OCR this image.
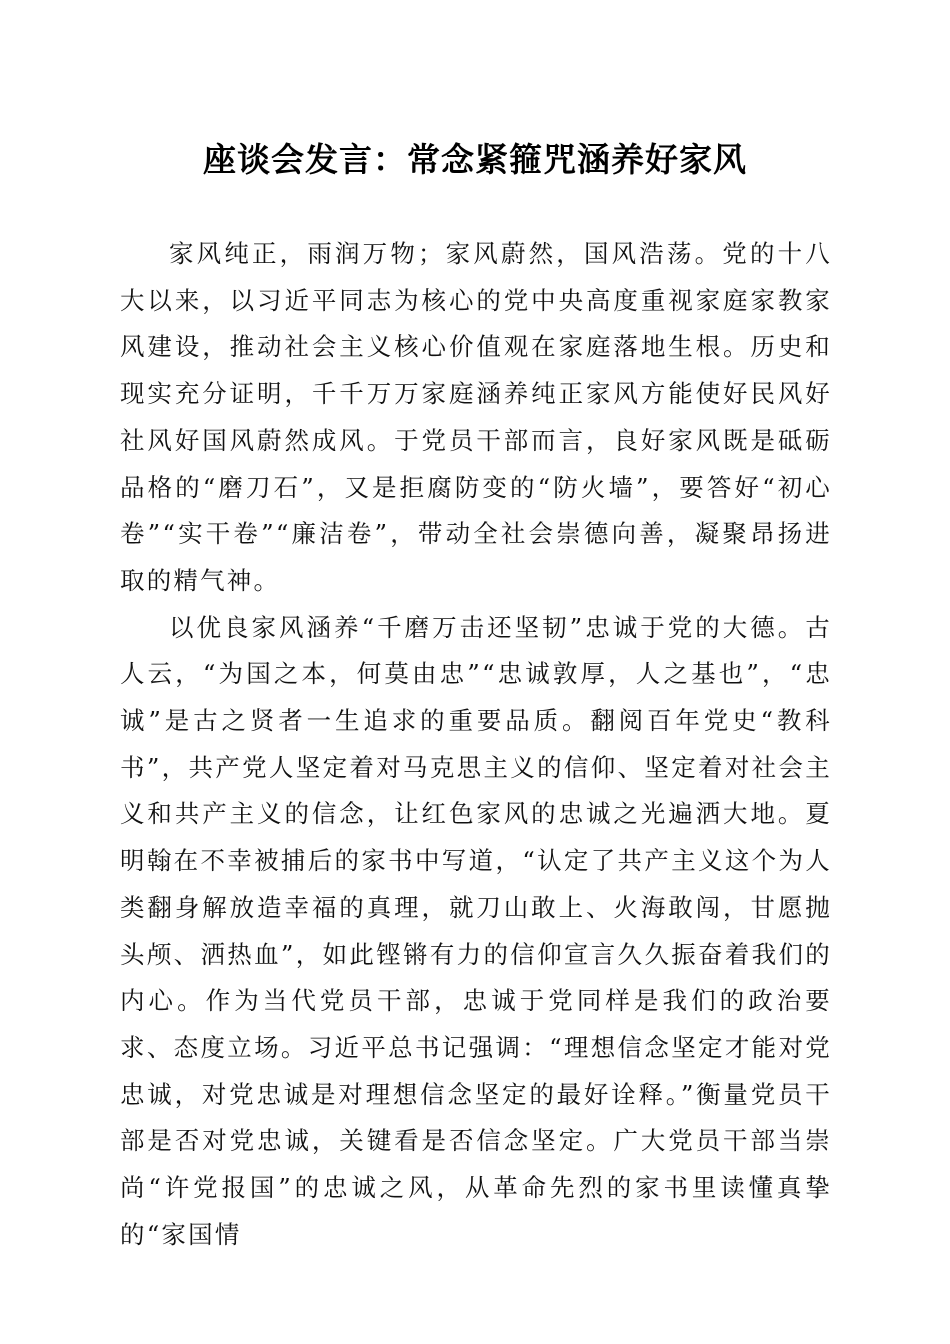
座谈会发言：常念紧箍咒涵养好家风

家风纯正，雨润万物；家风蔚然，国风浩荡。党的十八大以来，以习近平同志为核心的党中央高度重视家庭家教家风建设，推动社会主义核心价值观在家庭落地生根。历史和现实充分证明，千千万万家庭涵养纯正家风方能使好民风好社风好国风蔚然成风。于党员干部而言，良好家风既是砥砺品格的“磨刀石”，又是拒腐防变的“防火墙”，要答好“初心卷”“实干卷”“廉洁卷”，带动全社会崇德向善，凝聚昂扬进取的精气神。

以优良家风涵养“千磨万击还坚韧”忠诚于党的大德。古人云，“为国之本，何莫由忠”“忠诚敦厚，人之基也”，“忠诚”是古之贤者一生追求的重要品质。翻阅百年党史“教科书”，共产党人坚定着对马克思主义的信仰、坚定着对社会主义和共产主义的信念，让红色家风的忠诚之光遍洒大地。夏明翰在不幸被捕后的家书中写道，“认定了共产主义这个为人类翻身解放造幸福的真理，就刀山敢上、火海敢闯，甘愿抛头颅、洒热血”，如此铿锵有力的信仰宣言久久振奋着我们的内心。作为当代党员干部，忠诚于党同样是我们的政治要求、态度立场。习近平总书记强调：“理想信念坚定才能对党忠诚，对党忠诚是对理想信念坚定的最好诠释。”衡量党员干部是否对党忠诚，关键看是否信念坚定。广大党员干部当崇尚“许党报国”的忠诚之风，从革命先烈的家书里读懂真挚的“家国情
